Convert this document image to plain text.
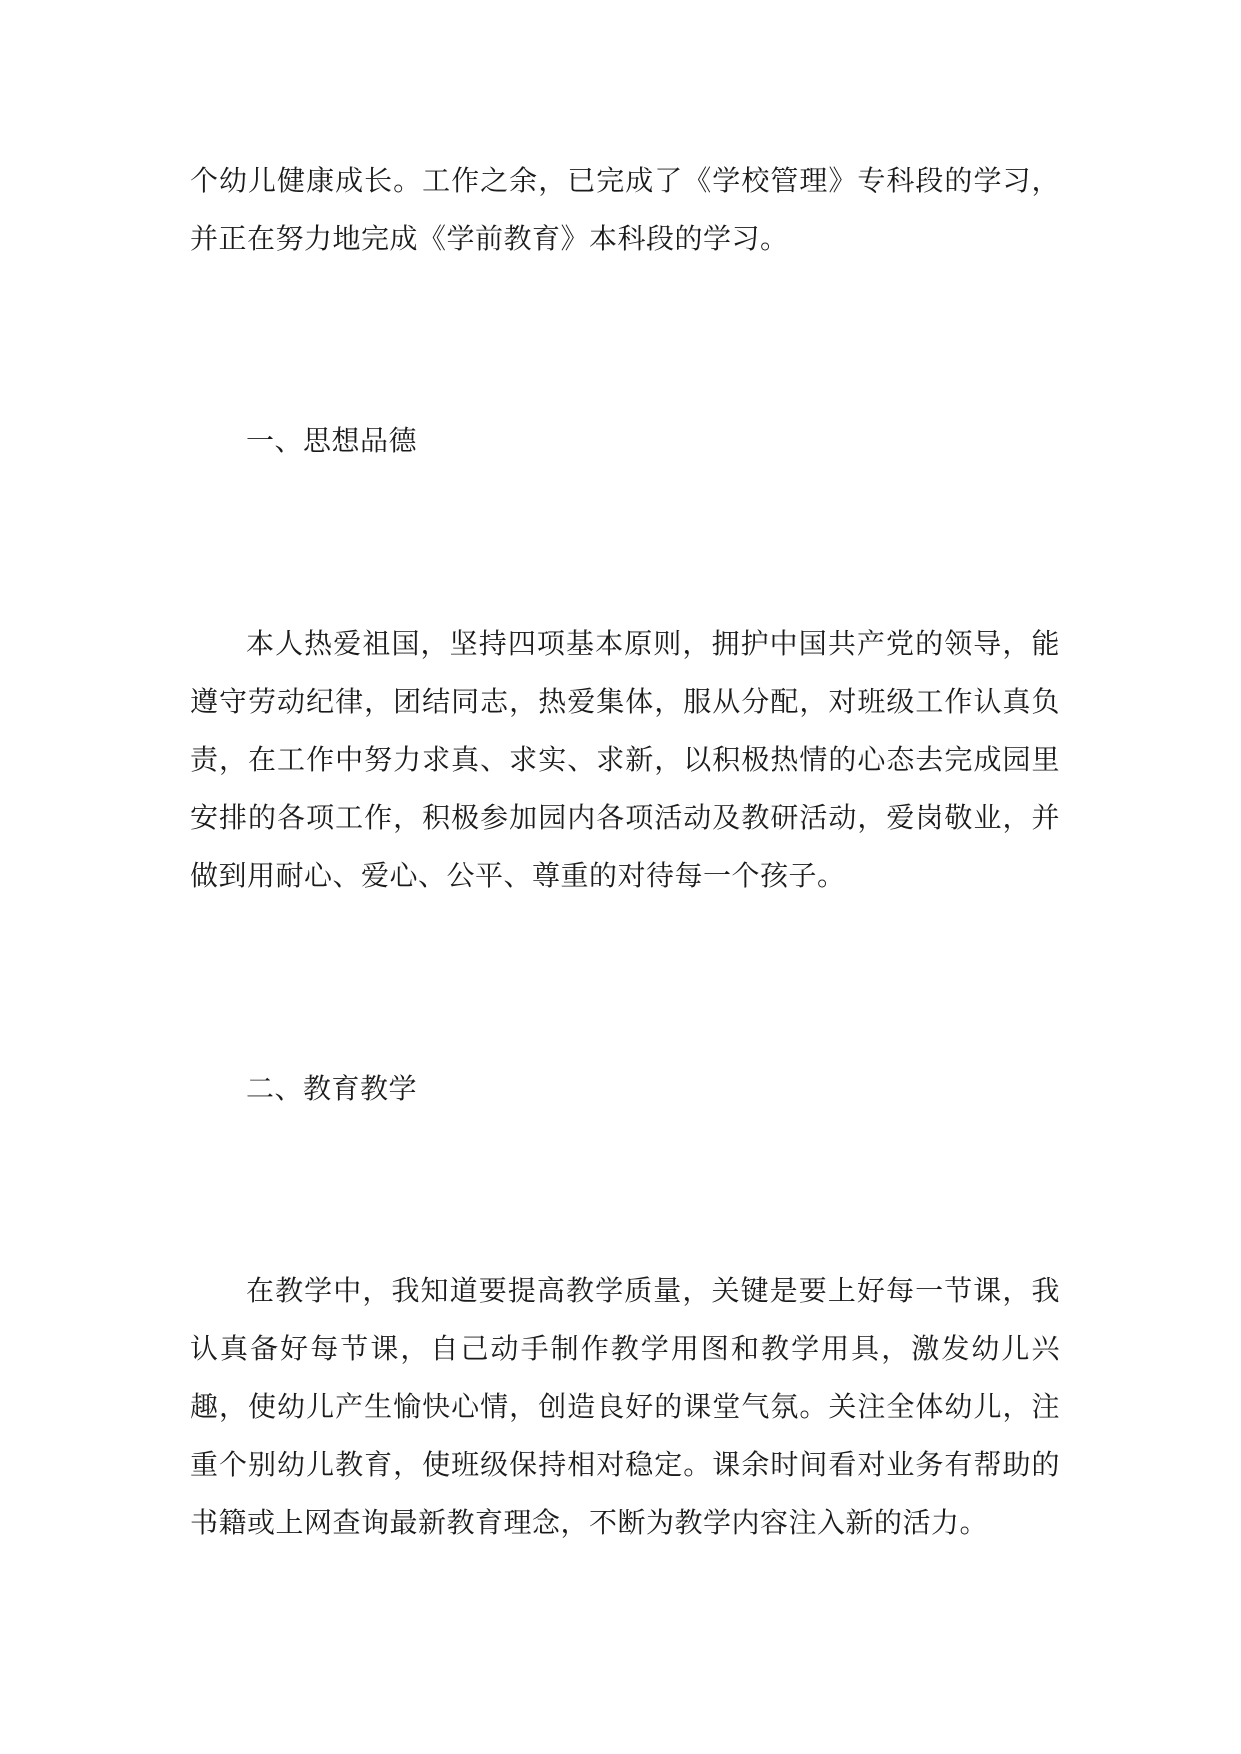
个幼儿健康成长。工作之余，已完成了《学校管理》专科段的学习，并正在努力地完成《学前教育》本科段的学习。

一、思想品德

本人热爱祖国，坚持四项基本原则，拥护中国共产党的领导，能遵守劳动纪律，团结同志，热爱集体，服从分配，对班级工作认真负责，在工作中努力求真、求实、求新，以积极热情的心态去完成园里安排的各项工作，积极参加园内各项活动及教研活动，爱岗敬业，并做到用耐心、爱心、公平、尊重的对待每一个孩子。

二、教育教学

在教学中，我知道要提高教学质量，关键是要上好每一节课，我认真备好每节课，自己动手制作教学用图和教学用具，激发幼儿兴趣，使幼儿产生愉快心情，创造良好的课堂气氛。关注全体幼儿，注重个别幼儿教育，使班级保持相对稳定。课余时间看对业务有帮助的书籍或上网查询最新教育理念，不断为教学内容注入新的活力。
